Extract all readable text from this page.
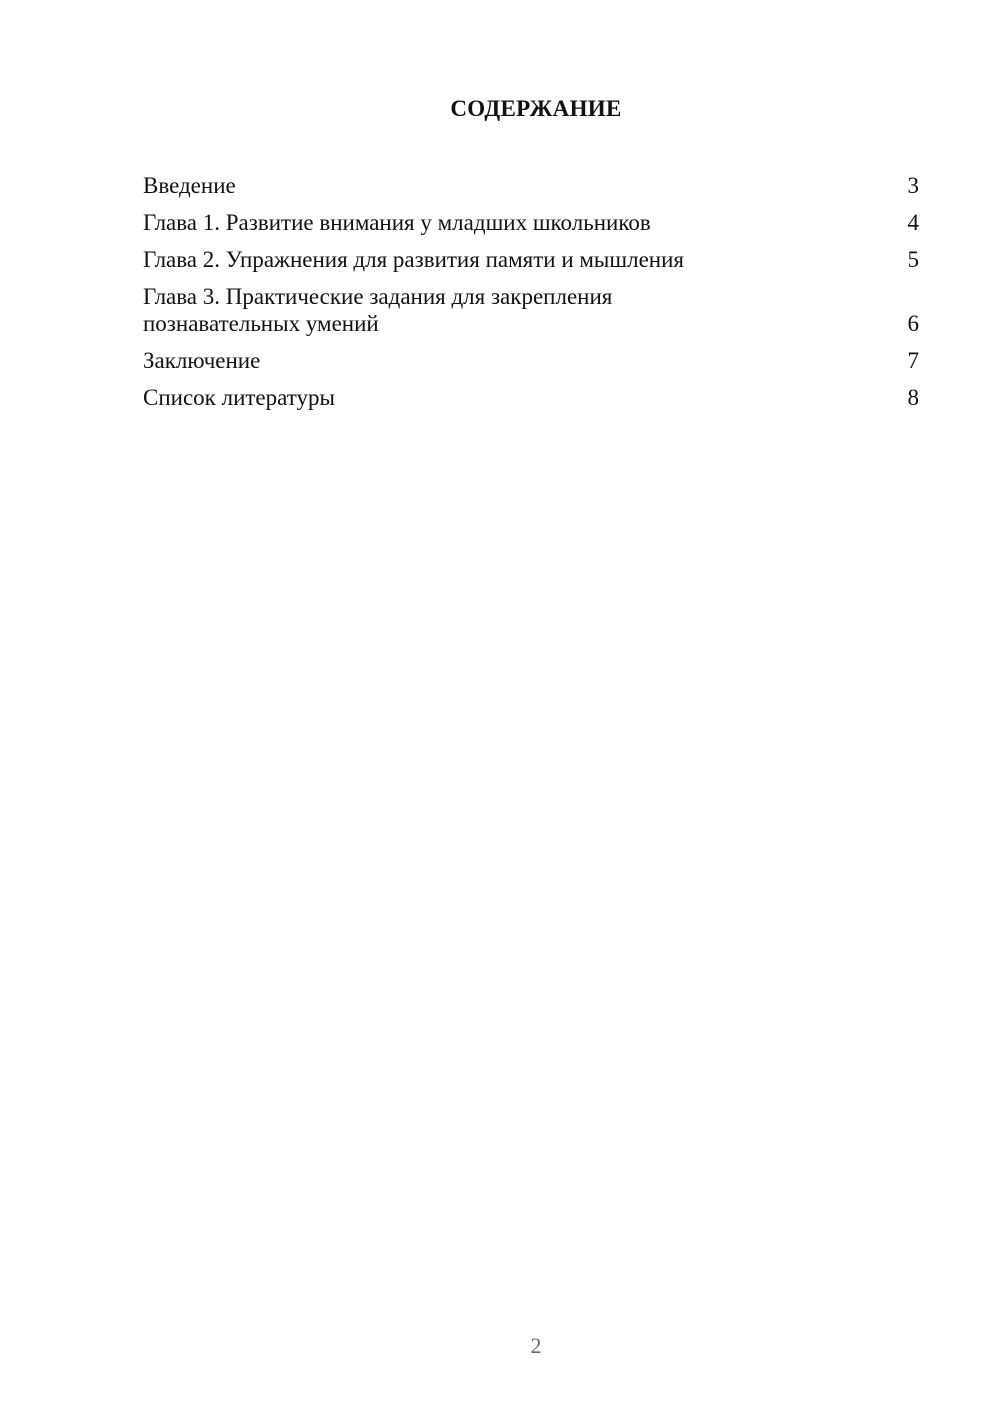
СОДЕРЖАНИЕ
Введение	3
Глава 1. Развитие внимания у младших школьников	4
Глава 2. Упражнения для развития памяти и мышления	5
Глава 3. Практические задания для закрепления познавательных умений	6
Заключение	7
Список литературы	8
2
